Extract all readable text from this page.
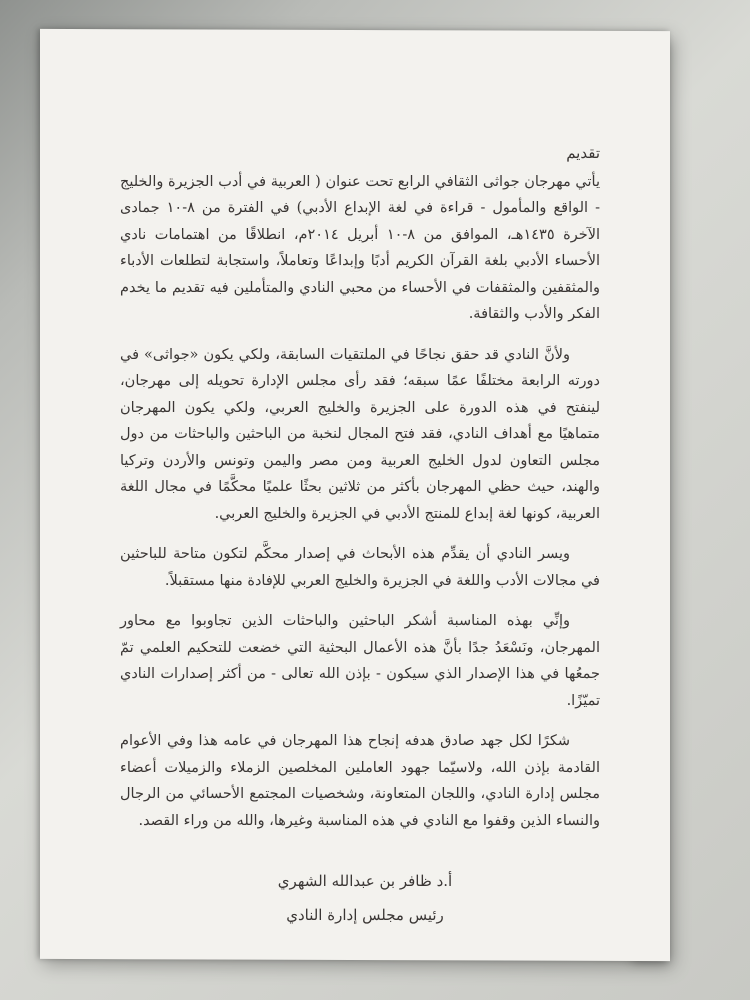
تقديم

يأتي مهرجان جواثى الثقافي الرابع تحت عنوان ( العربية في أدب الجزيرة والخليج - الواقع والمأمول - قراءة في لغة الإبداع الأدبي) في الفترة من ٨-١٠ جمادى الآخرة ١٤٣٥هـ، الموافق من ٨-١٠ أبريل ٢٠١٤م، انطلاقًا من اهتمامات نادي الأحساء الأدبي بلغة القرآن الكريم أدبًا وإبداعًا وتعاملاً، واستجابة لتطلعات الأدباء والمثقفين والمثقفات في الأحساء من محبي النادي والمتأملين فيه تقديم ما يخدم الفكر والأدب والثقافة.

ولأنَّ النادي قد حقق نجاحًا في الملتقيات السابقة، ولكي يكون «جواثى» في دورته الرابعة مختلفًا عمًا سبقه؛ فقد رأى مجلس الإدارة تحويله إلى مهرجان، لينفتح في هذه الدورة على الجزيرة والخليج العربي، ولكي يكون المهرجان متماهيًا مع أهداف النادي، فقد فتح المجال لنخبة من الباحثين والباحثات من دول مجلس التعاون لدول الخليج العربية ومن مصر واليمن وتونس والأردن وتركيا والهند، حيث حظي المهرجان بأكثر من ثلاثين بحثًا علميًا محكَّمًا في مجال اللغة العربية، كونها لغة إبداع للمنتج الأدبي في الجزيرة والخليج العربي.

ويسر النادي أن يقدِّم هذه الأبحاث في إصدار محكَّم لتكون متاحة للباحثين في مجالات الأدب واللغة في الجزيرة والخليج العربي للإفادة منها مستقبلاً.

وإنِّي بهذه المناسبة أشكر الباحثين والباحثات الذين تجاوبوا مع محاور المهرجان، ونَسْعَدُ جدًا بأنَّ هذه الأعمال البحثية التي خضعت للتحكيم العلمي تمّ جمعُها في هذا الإصدار الذي سيكون - بإذن الله تعالى - من أكثر إصدارات النادي تميّزًا.

شكرًا لكل جهد صادق هدفه إنجاح هذا المهرجان في عامه هذا وفي الأعوام القادمة بإذن الله، ولاسيّما جهود العاملين المخلصين الزملاء والزميلات أعضاء مجلس إدارة النادي، واللجان المتعاونة، وشخصيات المجتمع الأحسائي من الرجال والنساء الذين وقفوا مع النادي في هذه المناسبة وغيرها، والله من وراء القصد.

أ.د ظافر بن عبدالله الشهري
رئيس مجلس إدارة النادي
